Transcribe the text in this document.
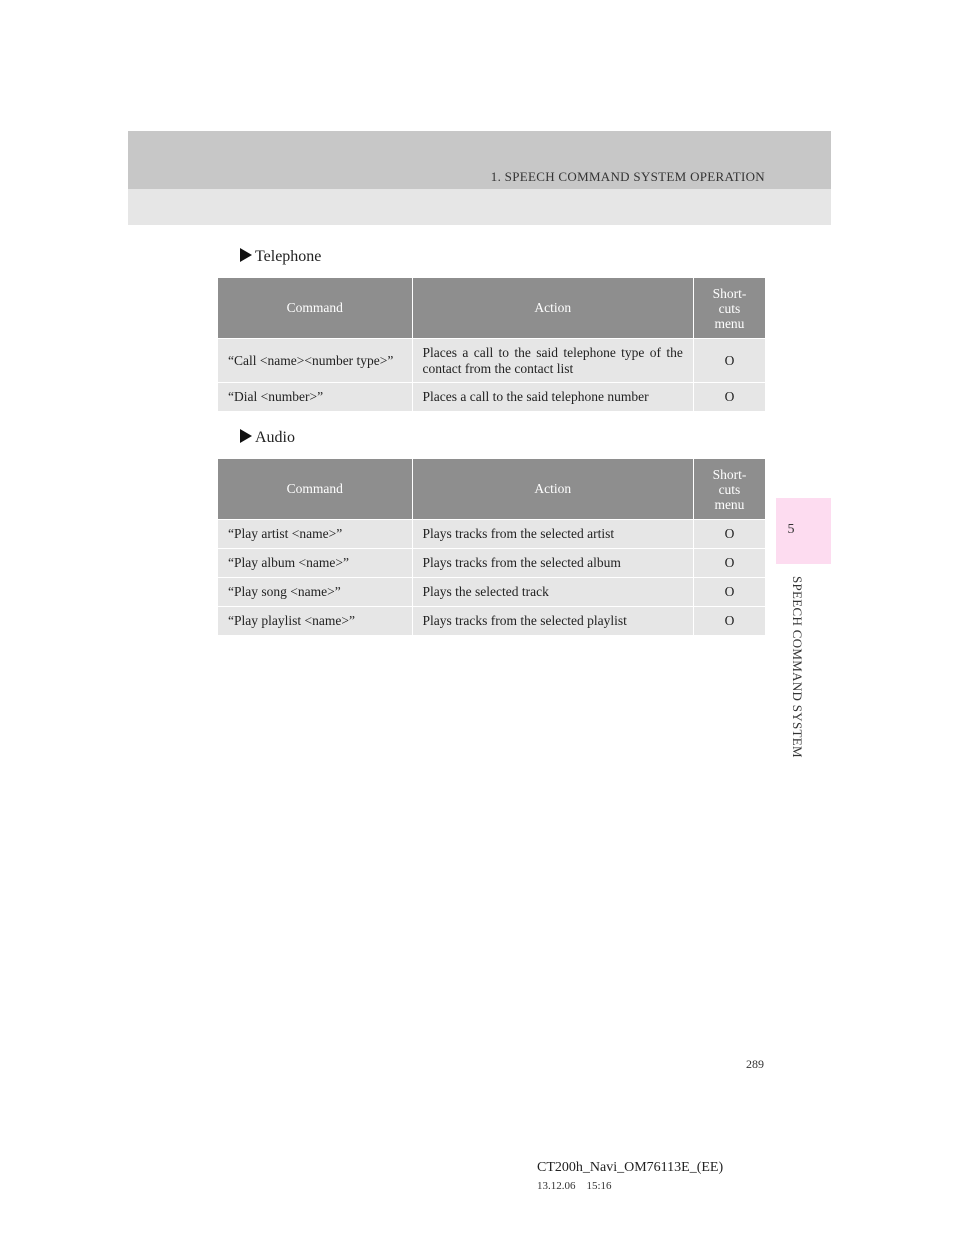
1. SPEECH COMMAND SYSTEM OPERATION
5
SPEECH COMMAND SYSTEM
Telephone
Command	Action	Short-
cuts
menu
“Call <name><number type>”	Places a call to the said telephone type of the contact from the contact list	O
“Dial <number>”	Places a call to the said telephone number	O
Audio
Command	Action	Short-
cuts
menu
“Play artist <name>”	Plays tracks from the selected artist	O
“Play album <name>”	Plays tracks from the selected album	O
“Play song <name>”	Plays the selected track	O
“Play playlist <name>”	Plays tracks from the selected playlist	O
289
CT200h_Navi_OM76113E_(EE)
13.12.06    15:16
